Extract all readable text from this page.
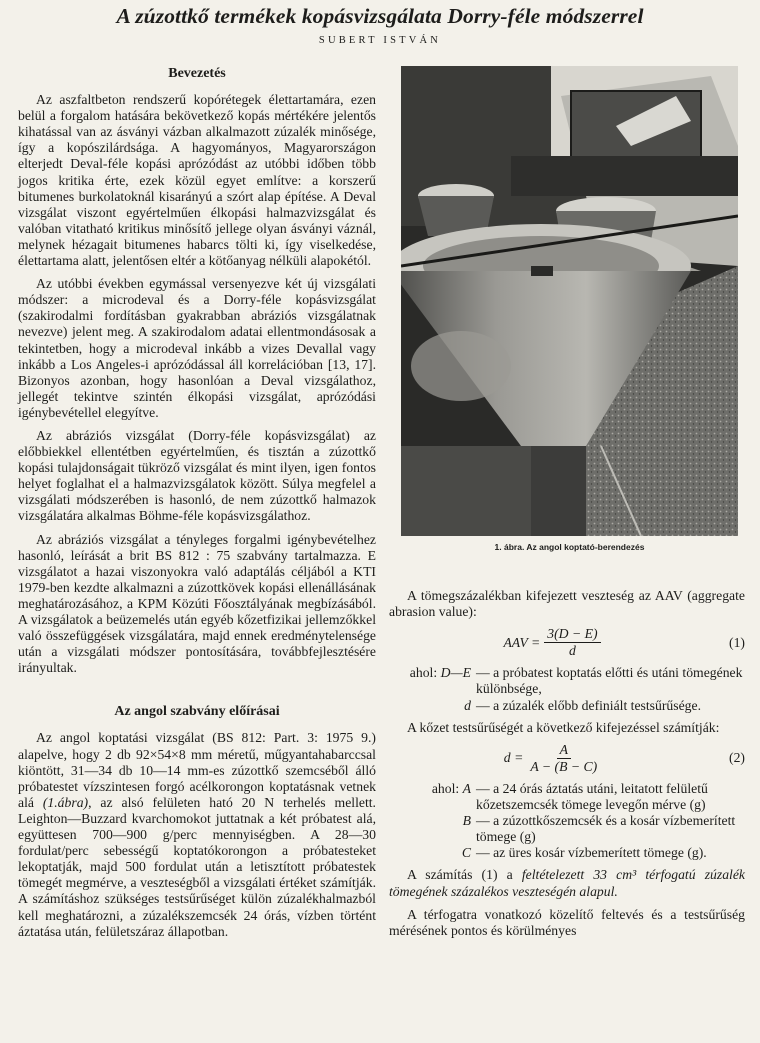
A zúzottkő termékek kopásvizsgálata Dorry-féle módszerrel
SUBERT ISTVÁN
Bevezetés

Az aszfaltbeton rendszerű kopórétegek élettartamára, ezen belül a forgalom hatására bekövetkező kopás mértékére jelentős kihatással van az ásványi vázban alkalmazott zúzalék minősége, így a kopószilárdsága. A hagyományos, Magyarországon elterjedt Deval-féle kopási aprózódást az utóbbi időben több jogos kritika érte, ezek közül egyet említve: a korszerű bitumenes burkolatoknál kisarányú a szórt alap építése. A Deval vizsgálat viszont egyértelműen élkopási halmazvizsgálat és valóban vitatható kritikus minősítő jellege olyan ásványi váznál, melynek hézagait bitumenes habarcs tölti ki, így viselkedése, élettartama alatt, jelentősen eltér a kötőanyag nélküli alapokétól.

Az utóbbi években egymással versenyezve két új vizsgálati módszer: a microdeval és a Dorry-féle kopásvizsgálat (szakirodalmi fordításban gyakrabban abráziós vizsgálatnak nevezve) jelent meg. A szakirodalom adatai ellentmondásosak a tekintetben, hogy a microdeval inkább a vizes Devallal vagy inkább a Los Angeles-i aprózódással áll korrelációban [13, 17]. Bizonyos azonban, hogy hasonlóan a Deval vizsgálathoz, jellegét tekintve szintén élkopási vizsgálat, aprózódási igénybevétellel elegyítve.

Az abráziós vizsgálat (Dorry-féle kopásvizsgálat) az előbbiekkel ellentétben egyértelműen, és tisztán a zúzottkő kopási tulajdonságait tükröző vizsgálat és mint ilyen, igen fontos helyet foglalhat el a halmazvizsgálatok között. Súlya megfelel a vizsgálati módszerében is hasonló, de nem zúzottkő halmazok vizsgálatára alkalmas Böhme-féle kopásvizsgálathoz.

Az abráziós vizsgálat a tényleges forgalmi igénybevételhez hasonló, leírását a brit BS 812 : 75 szabvány tartalmazza. E vizsgálatot a hazai viszonyokra való adaptálás céljából a KTI 1979-ben kezdte alkalmazni a zúzottkövek kopási ellenállásának meghatározásához, a KPM Közúti Főosztályának megbízásából. A vizsgálatok a beüzemelés után egyéb kőzetfizikai jellemzőkkel való összefüggések vizsgálatára, majd ennek eredménytelensége után a vizsgálati módszer pontosítására, továbbfejlesztésére irányultak.

Az angol szabvány előírásai

Az angol koptatási vizsgálat (BS 812: Part. 3: 1975 9.) alapelve, hogy 2 db 92×54×8 mm méretű, műgyantahabarccsal kiöntött, 31—34 db 10—14 mm-es zúzottkő szemcséből álló próbatestet vízszintesen forgó acélkorongon koptatásnak vetnek alá (1.ábra), az alsó felületen ható 20 N terhelés mellett. Leighton—Buzzard kvarchomokot juttatnak a két próbatest alá, együttesen 700—900 g/perc mennyiségben. A 28—30 fordulat/perc sebességű koptatókorongon a próbatesteket lekoptatják, majd 500 fordulat után a letisztított próbatestek tömegét megmérve, a veszteségből a vizsgálati értéket számítják. A számításhoz szükséges testsűrűséget külön zúzalékhalmazból kell meghatározni, a zúzalékszemcsék 24 órás, vízben történt áztatása után, felületszáraz állapotban.

1. ábra. Az angol koptató-berendezés

A tömegszázalékban kifejezett veszteség az AAV (aggregate abrasion value):

AAV = $\frac{3(D - E)}{d}$	(1)
ahol: D—E — a próbatest koptatás előtti és utáni tömegének különbsége,
d — a zúzalék előbb definiált testsűrűsége.

A kőzet testsűrűségét a következő kifejezéssel számítják:

$d = \frac{A}{A - (B - C)}$	(2)
ahol: A — a 24 órás áztatás utáni, leitatott felületű kőzetszemcsék tömege levegőn mérve (g)
B — a zúzottkőszemcsék és a kosár vízbemerített tömege (g)
C — az üres kosár vízbemerített tömege (g).

A számítás (1) a feltételezett 33 cm³ térfogatú zúzalék tömegének százalékos veszteségén alapul.

A térfogatra vonatkozó közelítő feltevés és a testsűrűség mérésének pontos és körülményes
